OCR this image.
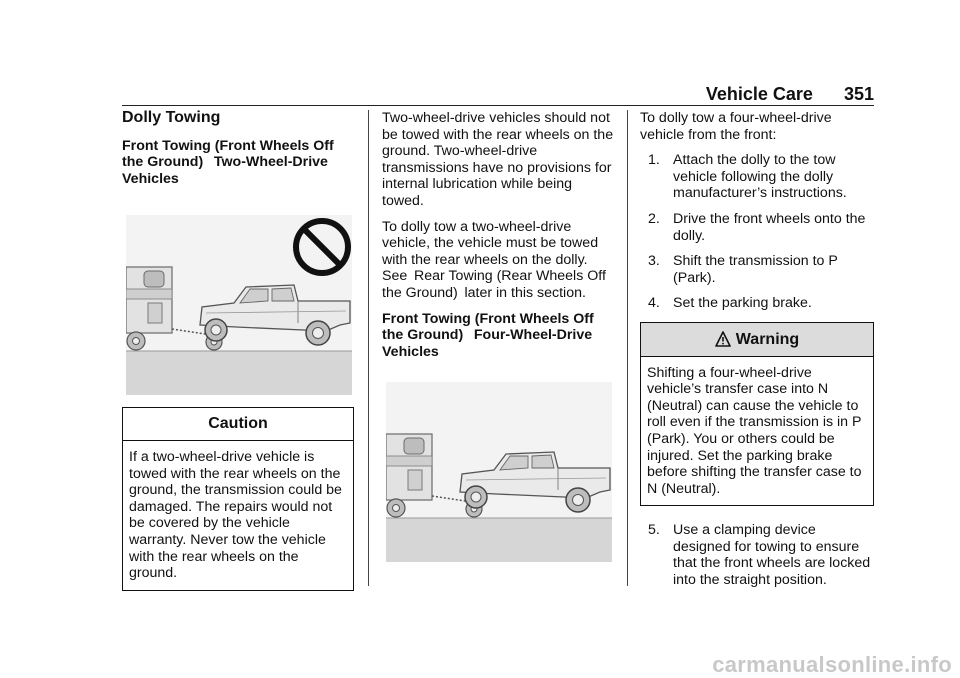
Vehicle Care 351
Dolly Towing
Front Towing (Front Wheels Off the Ground)   Two-Wheel-Drive Vehicles
Caution
If a two-wheel-drive vehicle is towed with the rear wheels on the ground, the transmission could be damaged. The repairs would not be covered by the vehicle warranty. Never tow the vehicle with the rear wheels on the ground.

Two-wheel-drive vehicles should not be towed with the rear wheels on the ground. Two-wheel-drive transmissions have no provisions for internal lubrication while being towed.

To dolly tow a two-wheel-drive vehicle, the vehicle must be towed with the rear wheels on the dolly. See  Rear Towing (Rear Wheels Off the Ground)  later in this section.

Front Towing (Front Wheels Off the Ground)   Four-Wheel-Drive Vehicles

To dolly tow a four-wheel-drive vehicle from the front:

1. Attach the dolly to the tow vehicle following the dolly manufacturer’s instructions.
2. Drive the front wheels onto the dolly.
3. Shift the transmission to P (Park).
4. Set the parking brake.
Warning
Shifting a four-wheel-drive vehicle’s transfer case into N (Neutral) can cause the vehicle to roll even if the transmission is in P (Park). You or others could be injured. Set the parking brake before shifting the transfer case to N (Neutral).
5. Use a clamping device designed for towing to ensure that the front wheels are locked into the straight position.
carmanualsonline.info
